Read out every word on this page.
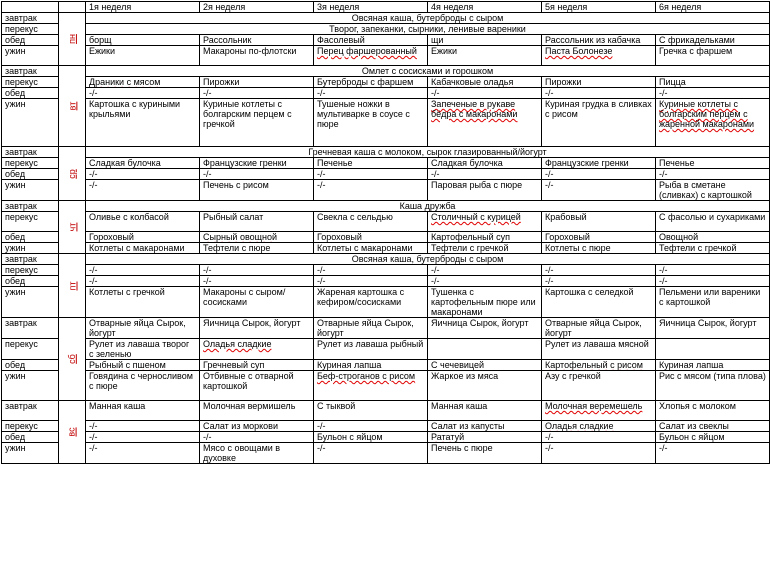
		1я неделя	2я неделя	3я неделя	4я неделя	5я неделя	6я неделя
завтрак	пн	Овсяная каша, бутерброды с сыром					
перекус		Творог, запеканки, сырники, ленивые вареники					
обед		борщ	Рассольник	Фасолевый	щи	Рассольник из кабачка	С фрикадельками
ужин		Ежики	Макароны по-флотски	Перец фаршерованный	Ежики	Паста Болонезе	Гречка с фаршем
завтрак	вт	Омлет с сосисками и горошком					
перекус		Драники с мясом	Пирожки	Бутерброды с фаршем	Кабачковые оладья	Пирожки	Пицца
обед		-/-	-/-	-/-	-/-	-/-	-/-
ужин		Картошка с куриными крыльями	Куриные котлеты с болгарским перцем с гречкой	Тушеные ножки в мультиварке в соусе с пюре	Запеченые в рукаве бёдра с макаронами	Куриная грудка в сливках с рисом	Куриные котлеты с болгарским перцем с жаренной макаронами
завтрак	ср	Гречневая каша с молоком, сырок глазированный/йогурт					
перекус		Сладкая булочка	Французские гренки	Печенье	Сладкая булочка	Французские гренки	Печенье
обед		-/-	-/-	-/-	-/-	-/-	-/-
ужин		-/-	Печень с рисом	-/-	Паровая рыба с пюре	-/-	Рыба в сметане (сливках) с картошкой
завтрак	чт	Каша дружба					
перекус		Оливье с колбасой	Рыбный салат	Свекла с сельдью	Столичный с курицей	Крабовый	С фасолью и сухариками
обед		Гороховый	Сырный овощной	Гороховый	Картофельный суп	Гороховый	Овощной
ужин		Котлеты с макаронами	Тефтели с пюре	Котлеты с макаронами	Тефтели с гречкой	Котлеты с пюре	Тефтели с гречкой
завтрак	пт	Овсяная каша, бутерброды с сыром					
перекус		-/-	-/-	-/-	-/-	-/-	-/-
обед		-/-	-/-	-/-	-/-	-/-	-/-
ужин		Котлеты с гречкой	Макароны с сыром/сосисками	Жареная картошка с кефиром/сосисками	Тушенка с картофельным пюре или макаронами	Картошка с селедкой	Пельмени или вареники с картошкой
завтрак	сб	Отварные яйца Сырок, йогурт	Яичница Сырок, йогурт	Отварные яйца Сырок, йогурт	Яичница Сырок, йогурт	Отварные яйца Сырок, йогурт	Яичница Сырок, йогурт
перекус		Рулет из лаваша творог с зеленью	Оладья сладкие	Рулет из лаваша рыбный		Рулет из лаваша мясной	
обед		Рыбный с пшеном	Гречневый суп	Куриная лапша	С чечевицей	Картофельный с рисом	Куриная лапша
ужин		Говядина с черносливом с пюре	Отбивные с отварной картошкой	Беф-строганов с рисом	Жаркое из мяса	Азу с гречкой	Рис с мясом (типа плова)
завтрак	вс	Манная каша	Молочная вермишель	С тыквой	Манная каша	Молочная веремешель	Хлопья с молоком
перекус		-/-	Салат из моркови	-/-	Салат из капусты	Оладья сладкие	Салат из свеклы
обед		-/-	-/-	Бульон с яйцом	Рататуй	-/-	Бульон с яйцом
ужин		-/-	Мясо с овощами в духовке	-/-	Печень с пюре	-/-	-/-
